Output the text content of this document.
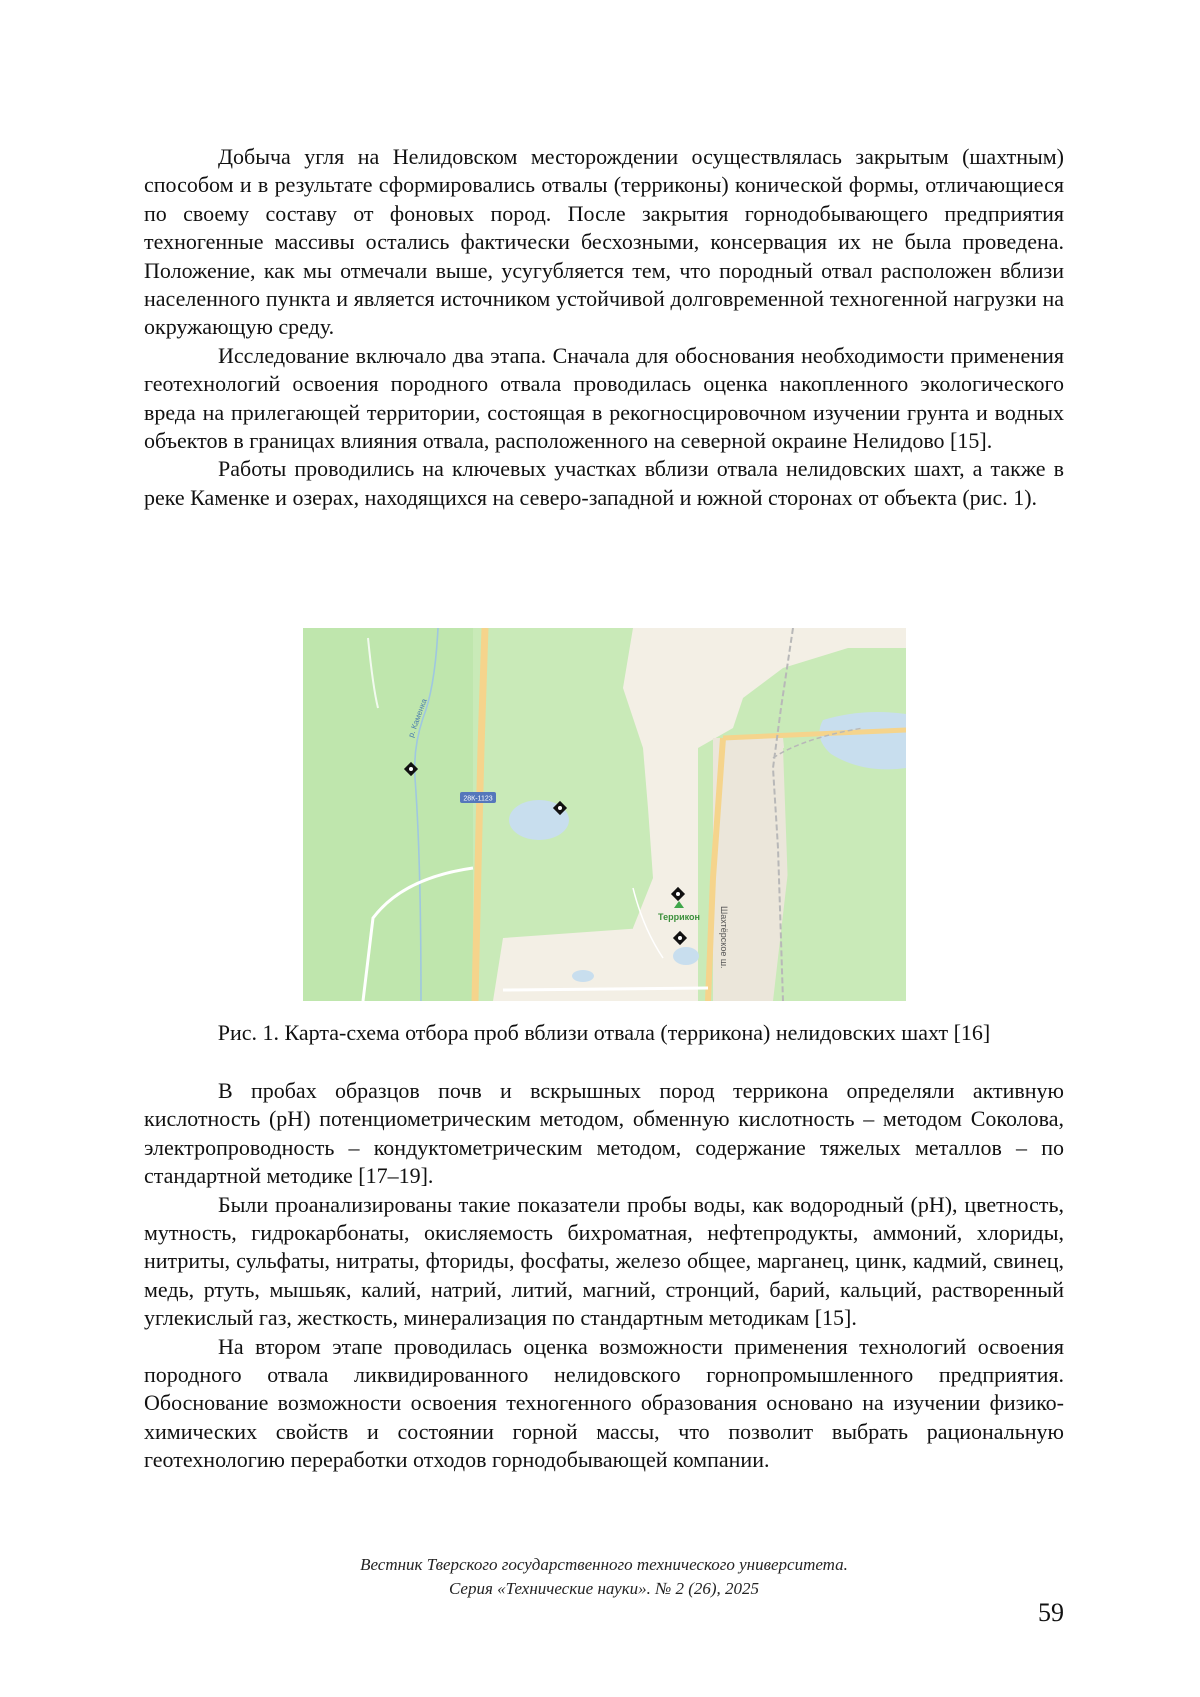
Добыча угля на Нелидовском месторождении осуществлялась закрытым (шахтным) способом и в результате сформировались отвалы (терриконы) конической формы, отличающиеся по своему составу от фоновых пород. После закрытия горнодобывающего предприятия техногенные массивы остались фактически бесхозными, консервация их не была проведена. Положение, как мы отмечали выше, усугубляется тем, что породный отвал расположен вблизи населенного пункта и является источником устойчивой долговременной техногенной нагрузки на окружающую среду.

Исследование включало два этапа. Сначала для обоснования необходимости применения геотехнологий освоения породного отвала проводилась оценка накопленного экологического вреда на прилегающей территории, состоящая в рекогносцировочном изучении грунта и водных объектов в границах влияния отвала, расположенного на северной окраине Нелидово [15].

Работы проводились на ключевых участках вблизи отвала нелидовских шахт, а также в реке Каменке и озерах, находящихся на северо-западной и южной сторонах от объекта (рис. 1).

28К-1123
р. Каменка
Террикон Шахтёрское ш.
Рис. 1. Карта-схема отбора проб вблизи отвала (террикона) нелидовских шахт [16]

В пробах образцов почв и вскрышных пород террикона определяли активную кислотность (pH) потенциометрическим методом, обменную кислотность – методом Соколова, электропроводность – кондуктометрическим методом, содержание тяжелых металлов – по стандартной методике [17–19].

Были проанализированы такие показатели пробы воды, как водородный (pH), цветность, мутность, гидрокарбонаты, окисляемость бихроматная, нефтепродукты, аммоний, хлориды, нитриты, сульфаты, нитраты, фториды, фосфаты, железо общее, марганец, цинк, кадмий, свинец, медь, ртуть, мышьяк, калий, натрий, литий, магний, стронций, барий, кальций, растворенный углекислый газ, жесткость, минерализация по стандартным методикам [15].

На втором этапе проводилась оценка возможности применения технологий освоения породного отвала ликвидированного нелидовского горнопромышленного предприятия. Обоснование возможности освоения техногенного образования основано на изучении физико-химических свойств и состоянии горной массы, что позволит выбрать рациональную геотехнологию переработки отходов горнодобывающей компании.

Вестник Тверского государственного технического университета.
Серия «Технические науки». № 2 (26), 2025
59
